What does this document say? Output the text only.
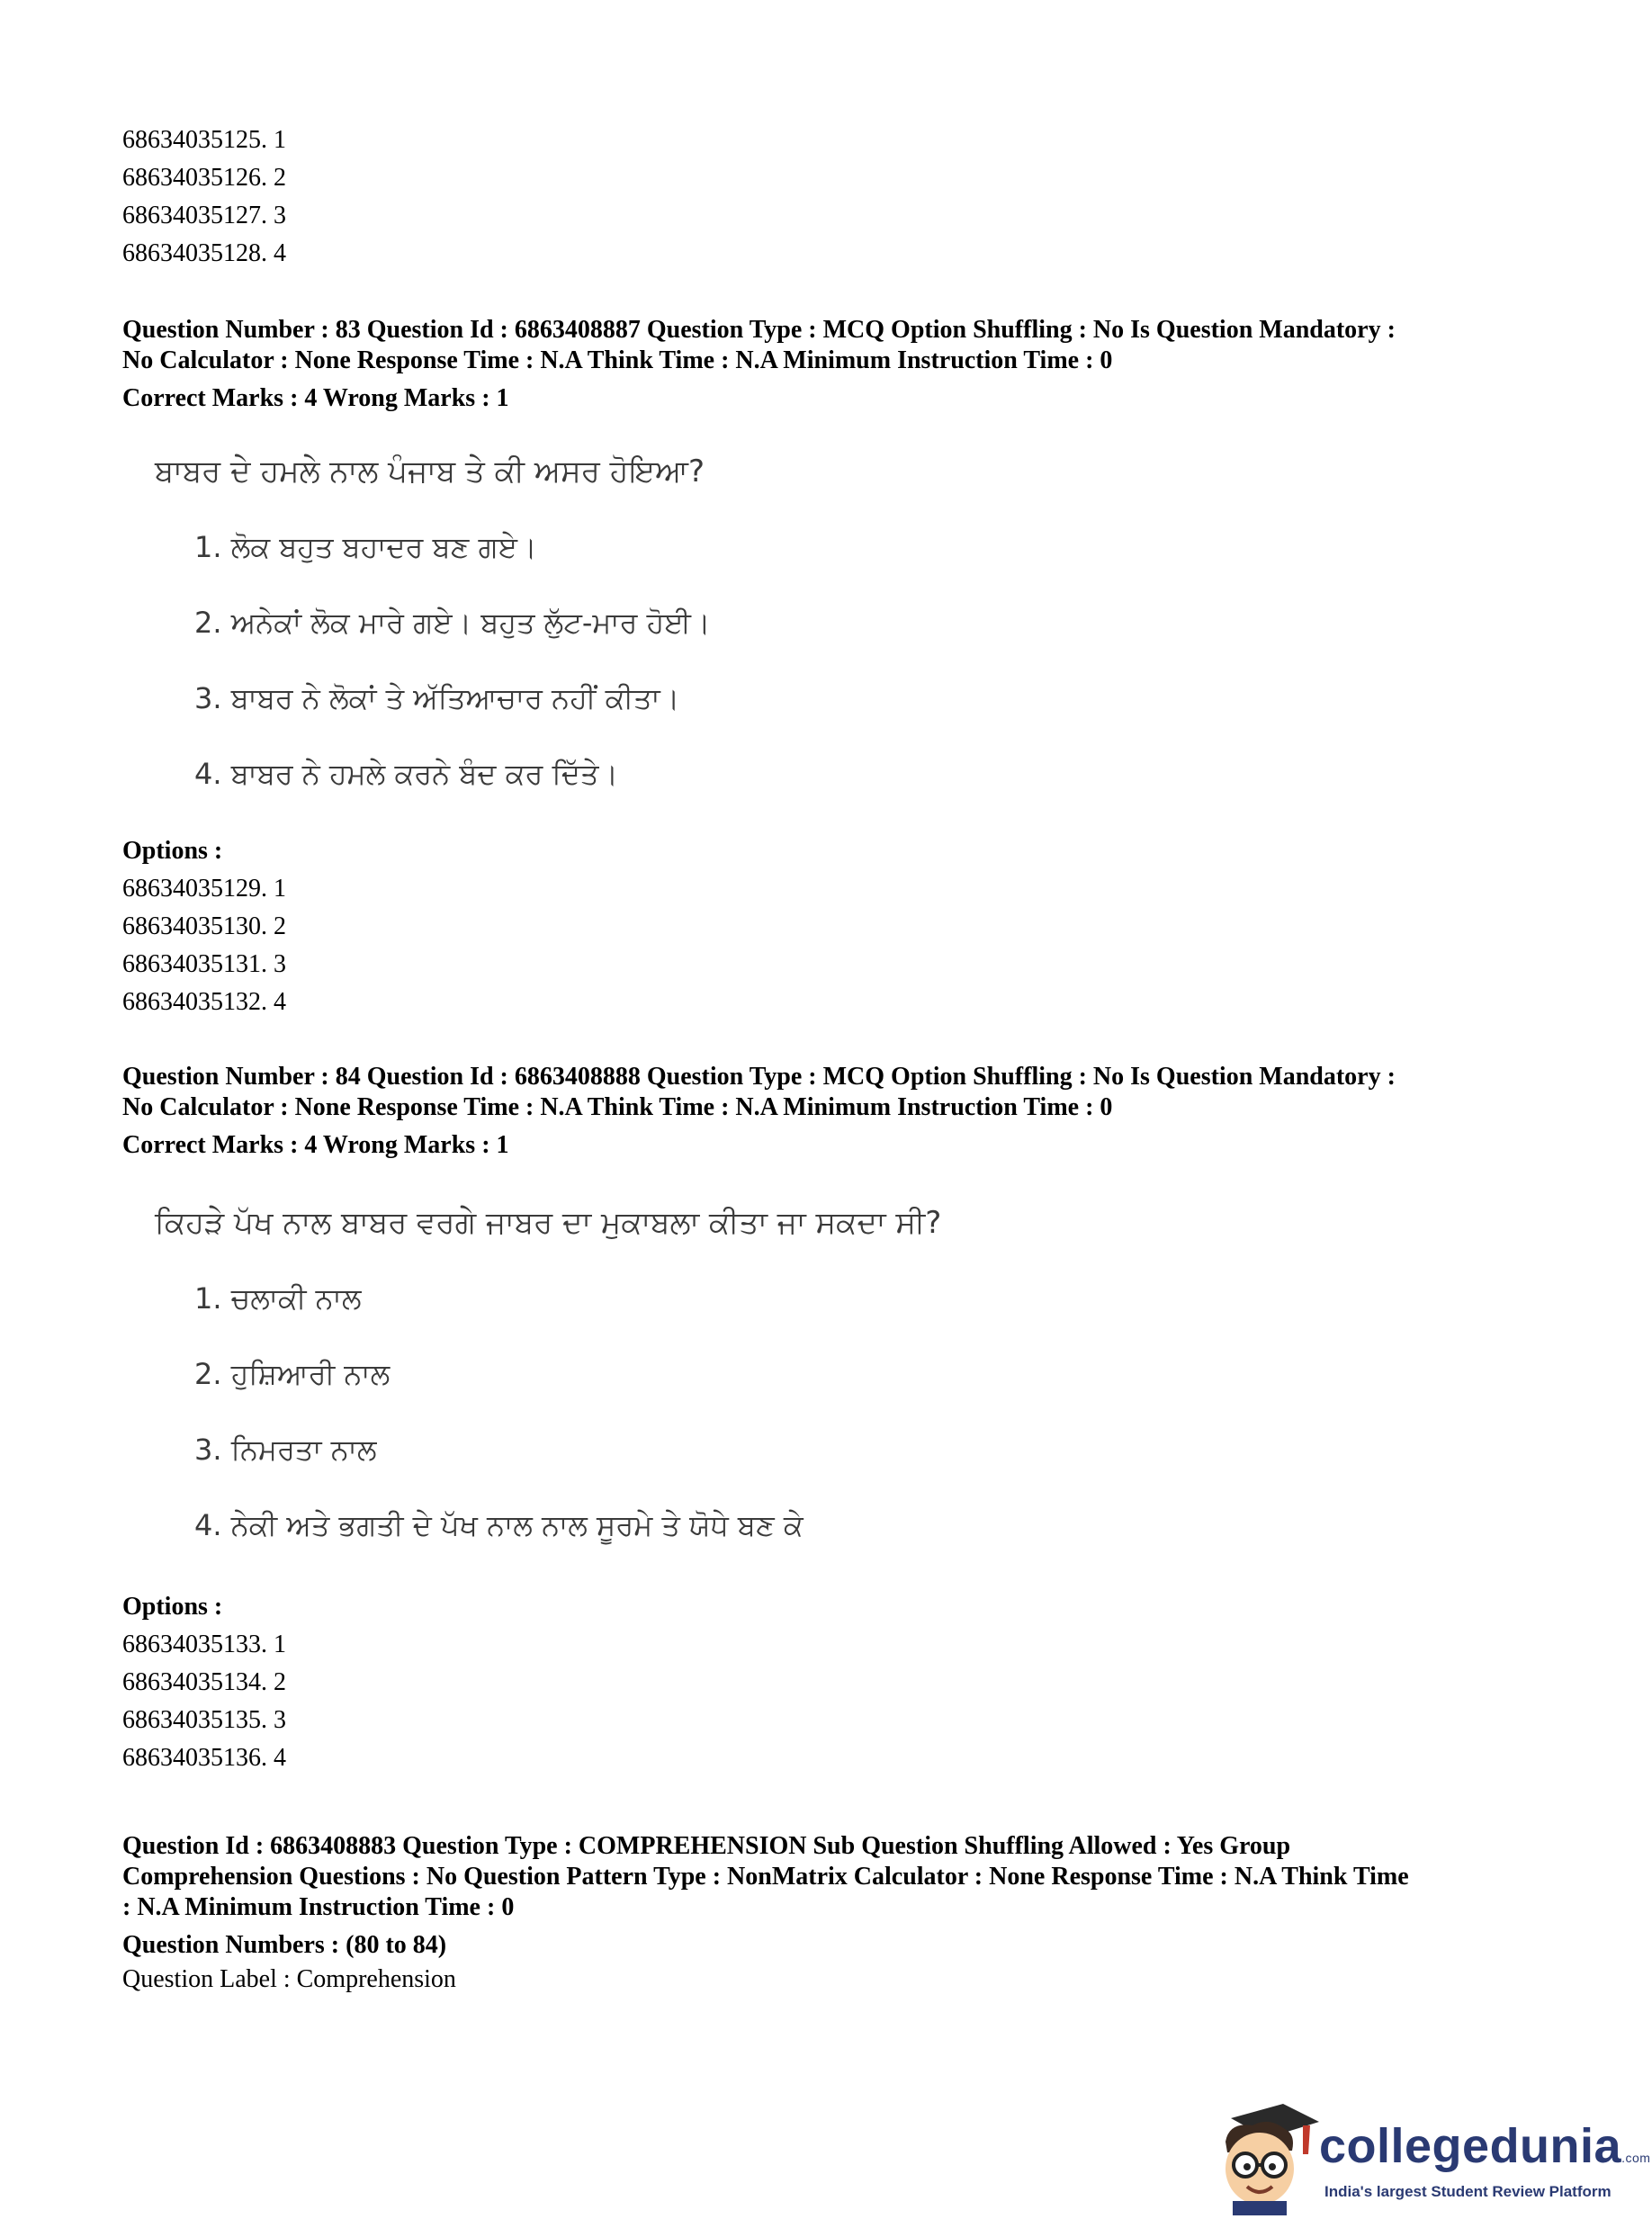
68634035125. 1
68634035126. 2
68634035127. 3
68634035128. 4
Question Number : 83 Question Id : 6863408887 Question Type : MCQ Option Shuffling : No Is Question Mandatory :
No Calculator : None Response Time : N.A Think Time : N.A Minimum Instruction Time : 0
Correct Marks : 4 Wrong Marks : 1
ਬਾਬਰ ਦੇ ਹਮਲੇ ਨਾਲ ਪੰਜਾਬ ਤੇ ਕੀ ਅਸਰ ਹੋਇਆ?
1. ਲੋਕ ਬਹੁਤ ਬਹਾਦਰ ਬਣ ਗਏ।
2. ਅਨੇਕਾਂ ਲੋਕ ਮਾਰੇ ਗਏ। ਬਹੁਤ ਲੁੱਟ-ਮਾਰ ਹੋਈ।
3. ਬਾਬਰ ਨੇ ਲੋਕਾਂ ਤੇ ਅੱਤਿਆਚਾਰ ਨਹੀਂ ਕੀਤਾ।
4. ਬਾਬਰ ਨੇ ਹਮਲੇ ਕਰਨੇ ਬੰਦ ਕਰ ਦਿੱਤੇ।
Options :
68634035129. 1
68634035130. 2
68634035131. 3
68634035132. 4
Question Number : 84 Question Id : 6863408888 Question Type : MCQ Option Shuffling : No Is Question Mandatory :
No Calculator : None Response Time : N.A Think Time : N.A Minimum Instruction Time : 0
Correct Marks : 4 Wrong Marks : 1
ਕਿਹੜੇ ਪੱਖ ਨਾਲ ਬਾਬਰ ਵਰਗੇ ਜਾਬਰ ਦਾ ਮੁਕਾਬਲਾ ਕੀਤਾ ਜਾ ਸਕਦਾ ਸੀ?
1. ਚਲਾਕੀ ਨਾਲ
2. ਹੁਸ਼ਿਆਰੀ ਨਾਲ
3. ਨਿਮਰਤਾ ਨਾਲ
4. ਨੇਕੀ ਅਤੇ ਭਗਤੀ ਦੇ ਪੱਖ ਨਾਲ ਨਾਲ ਸੂਰਮੇ ਤੇ ਯੋਧੇ ਬਣ ਕੇ
Options :
68634035133. 1
68634035134. 2
68634035135. 3
68634035136. 4
Question Id : 6863408883 Question Type : COMPREHENSION Sub Question Shuffling Allowed : Yes Group
Comprehension Questions : No Question Pattern Type : NonMatrix Calculator : None Response Time : N.A Think Time
: N.A Minimum Instruction Time : 0
Question Numbers : (80 to 84)
Question Label : Comprehension
collegedunia.com
India's largest Student Review Platform
